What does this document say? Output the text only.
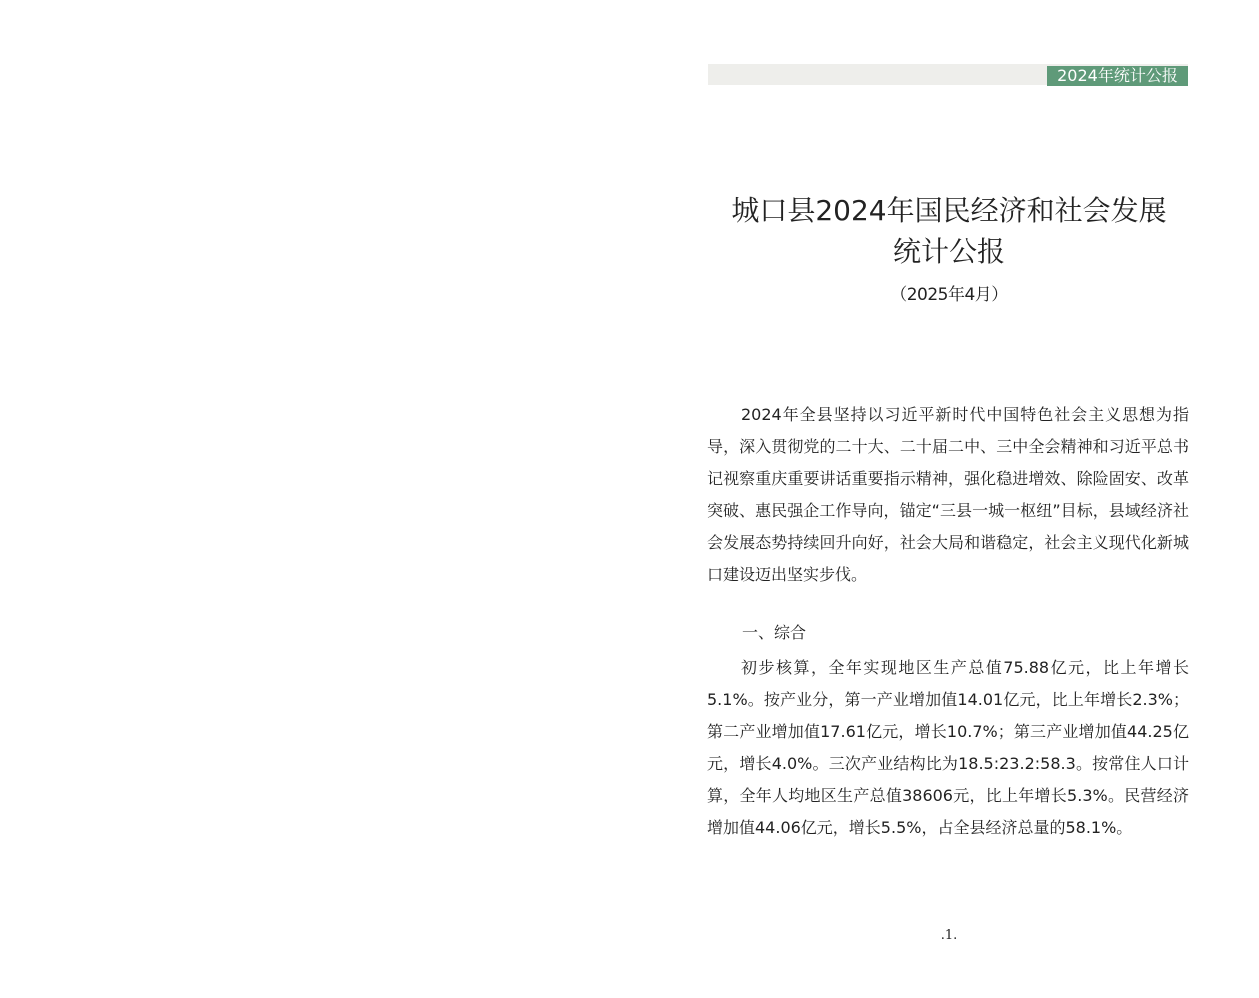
2024年统计公报
城口县2024年国民经济和社会发展
统计公报
（2025年4月）

2024年全县坚持以习近平新时代中国特色社会主义思想为指导，深入贯彻党的二十大、二十届二中、三中全会精神和习近平总书记视察重庆重要讲话重要指示精神，强化稳进增效、除险固安、改革突破、惠民强企工作导向，锚定“三县一城一枢纽”目标，县域经济社会发展态势持续回升向好，社会大局和谐稳定，社会主义现代化新城口建设迈出坚实步伐。

一、综合

初步核算，全年实现地区生产总值75.88亿元，比上年增长5.1%。按产业分，第一产业增加值14.01亿元，比上年增长2.3%；第二产业增加值17.61亿元，增长10.7%；第三产业增加值44.25亿元，增长4.0%。三次产业结构比为18.5:23.2:58.3。按常住人口计算，全年人均地区生产总值38606元，比上年增长5.3%。民营经济增加值44.06亿元，增长5.5%，占全县经济总量的58.1%。

.1.
